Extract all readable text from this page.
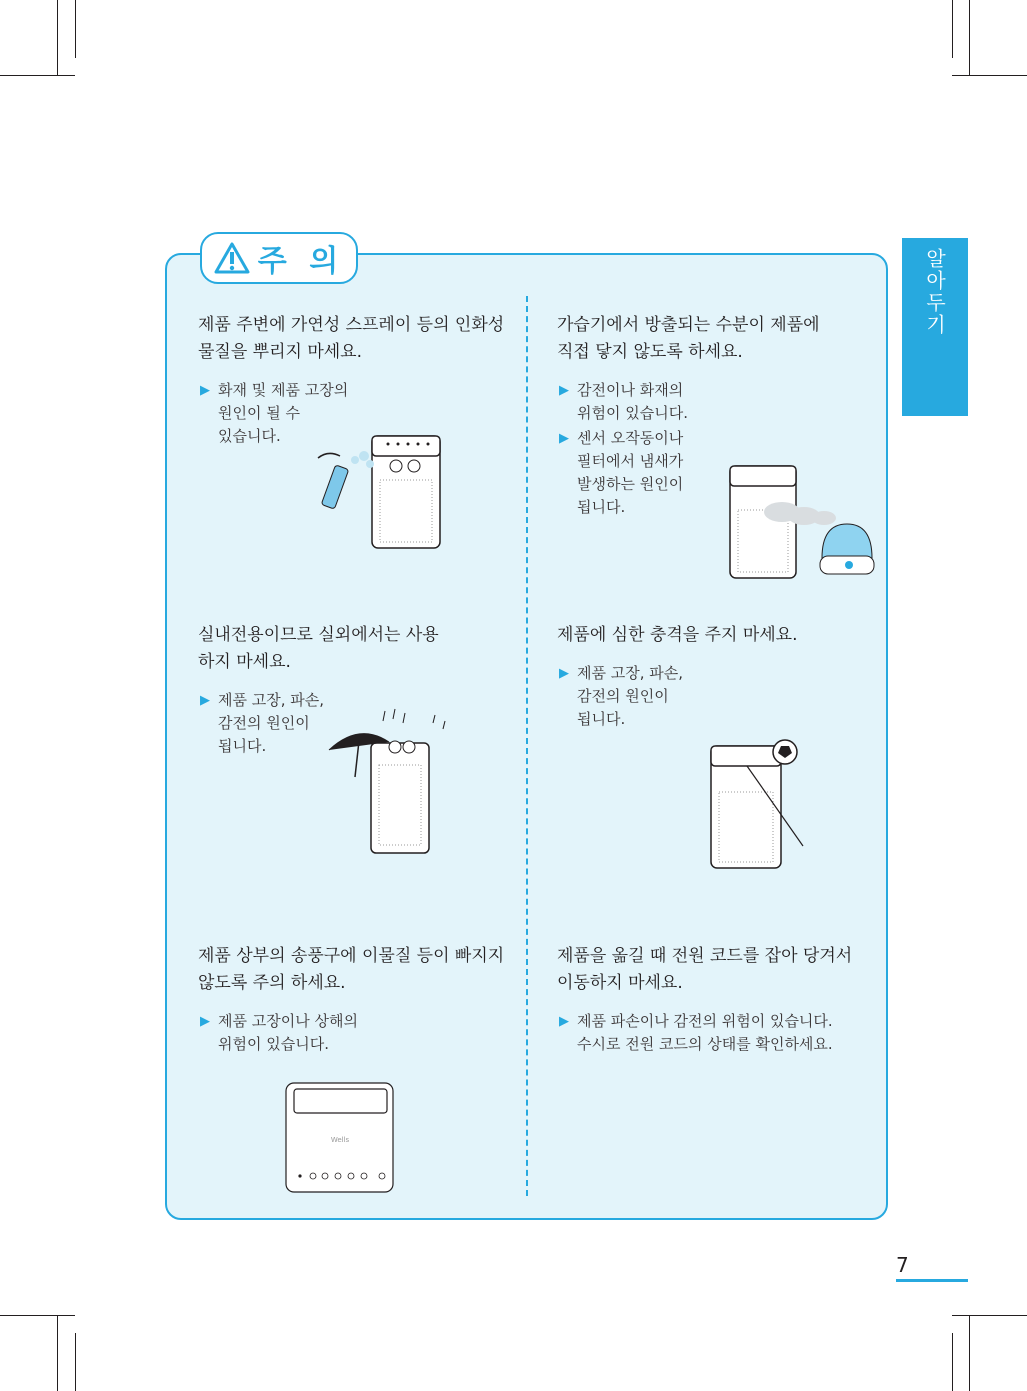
알아두기
주 의

제품 주변에 가연성 스프레이 등의 인화성
물질을 뿌리지 마세요.

▶ 화재 및 제품 고장의
원인이 될 수
있습니다.

가습기에서 방출되는 수분이 제품에
직접 닿지 않도록 하세요.

▶ 감전이나 화재의
위험이 있습니다.
▶ 센서 오작동이나
필터에서 냄새가
발생하는 원인이
됩니다.

실내전용이므로 실외에서는 사용
하지 마세요.

▶ 제품 고장, 파손,
감전의 원인이
됩니다.

제품에 심한 충격을 주지 마세요.

▶ 제품 고장, 파손,
감전의 원인이
됩니다.

제품 상부의 송풍구에 이물질 등이 빠지지
않도록 주의 하세요.

▶ 제품 고장이나 상해의
위험이 있습니다.
Wells

제품을 옮길 때 전원 코드를 잡아 당겨서
이동하지 마세요.

▶ 제품 파손이나 감전의 위험이 있습니다.
수시로 전원 코드의 상태를 확인하세요.
7
